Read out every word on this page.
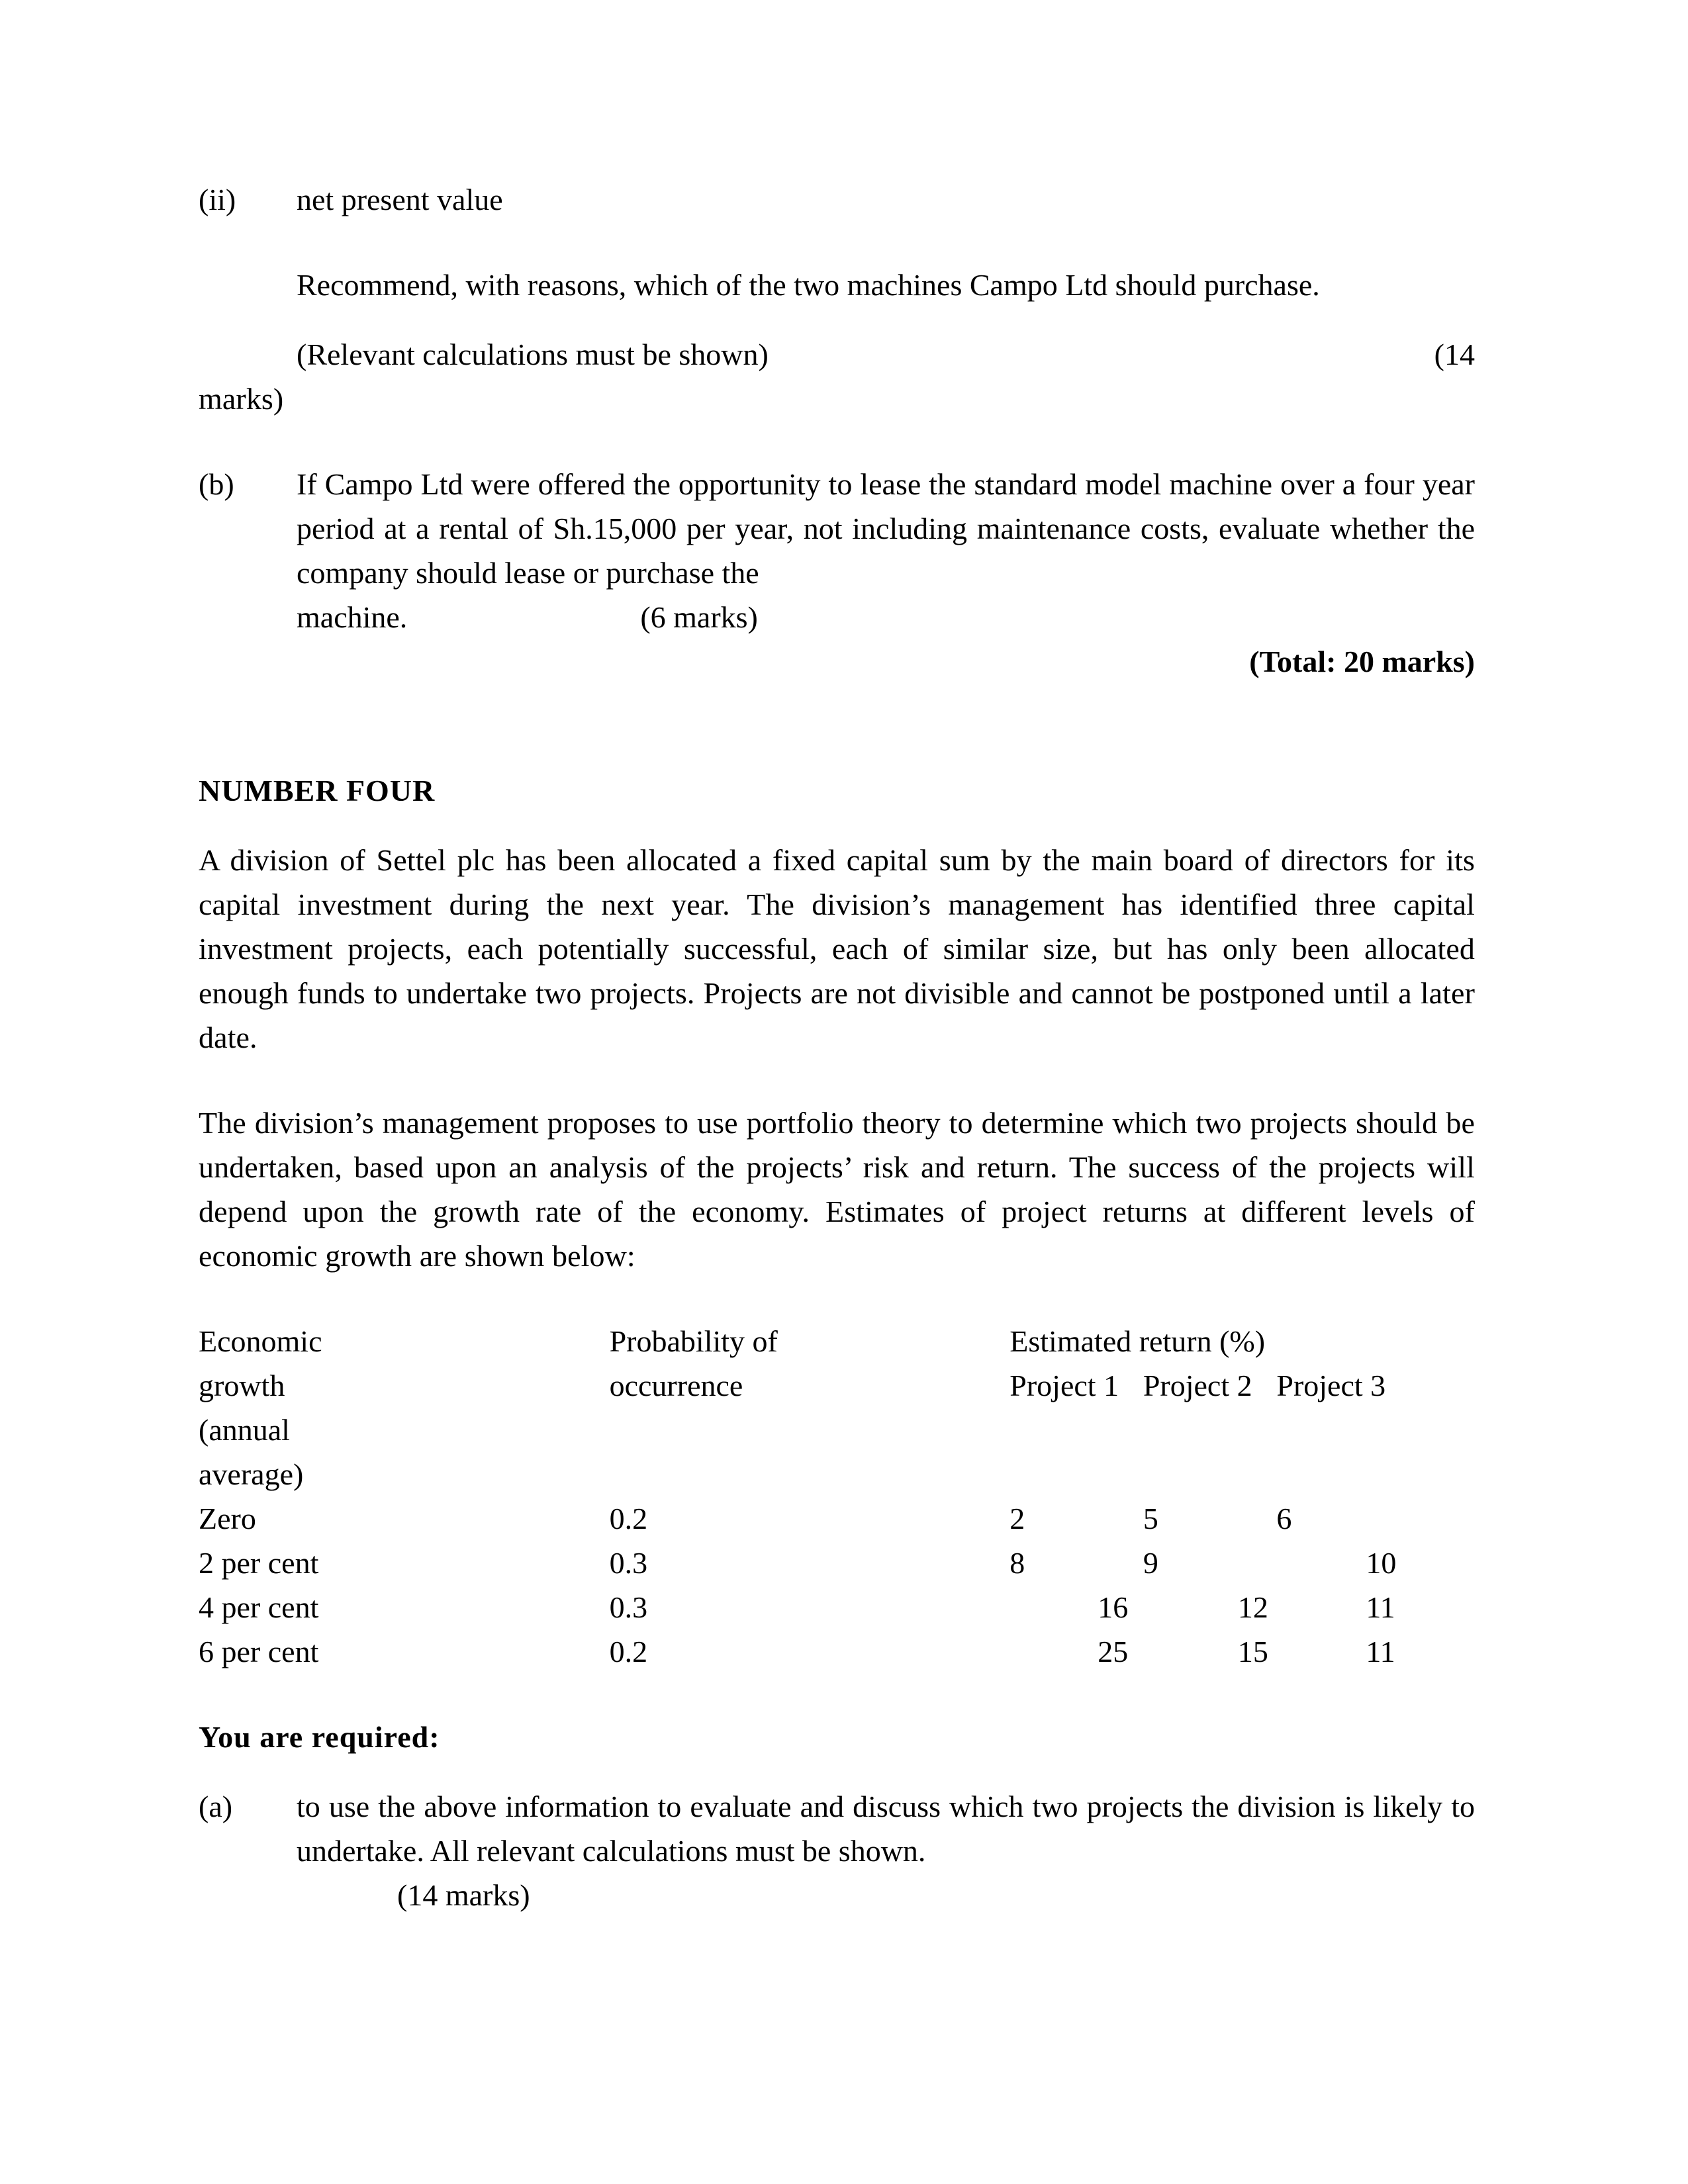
(ii)	net present value
Recommend, with reasons, which of the two machines Campo Ltd should purchase.
(Relevant calculations must be shown)	(14
marks)
(b)	If Campo Ltd were offered the opportunity to lease the standard model machine over a four year period at a rental of Sh.15,000 per year, not including maintenance costs, evaluate whether the company should lease or purchase the
machine.	(6 marks)
(Total: 20 marks)
NUMBER FOUR
A division of Settel plc has been allocated a fixed capital sum by the main board of directors for its capital investment during the next year. The division’s management has identified three capital investment projects, each potentially successful, each of similar size, but has only been allocated enough funds to undertake two projects. Projects are not divisible and cannot be postponed until a later date.
The division’s management proposes to use portfolio theory to determine which two projects should be undertaken, based upon an analysis of the projects’ risk and return. The success of the projects will depend upon the growth rate of the economy. Estimates of project returns at different levels of economic growth are shown below:
Economic	Probability of	Estimated return (%)		
growth	occurrence	Project 1	Project 2	Project 3
(annual				
average)				
Zero	0.2	2	5	6
2 per cent	0.3	8	9	10
4 per cent	0.3	16	12	11
6 per cent	0.2	25	15	11
You are required:
(a)	to use the above information to evaluate and discuss which two projects the division is likely to undertake. All relevant calculations must be shown.
(14 marks)
